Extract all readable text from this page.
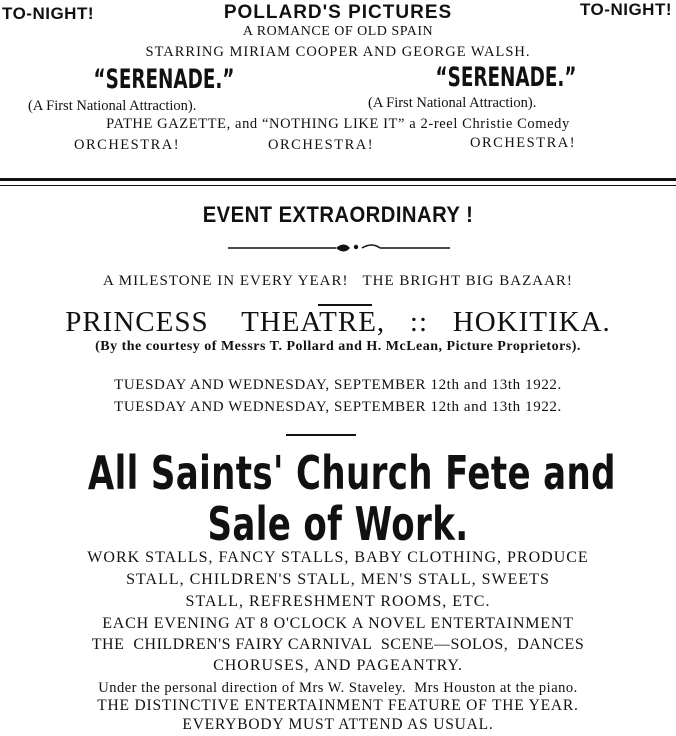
TO-NIGHT!	POLLARD'S PICTURES	TO-NIGHT!
A ROMANCE OF OLD SPAIN
STARRING MIRIAM COOPER AND GEORGE WALSH.
“SERENADE.”	“SERENADE.”
(A First National Attraction).	(A First National Attraction).
PATHE GAZETTE, and “NOTHING LIKE IT” a 2-reel Christie Comedy
ORCHESTRA!	ORCHESTRA!	ORCHESTRA!
EVENT EXTRAORDINARY !
A MILESTONE IN EVERY YEAR!   THE BRIGHT BIG BAZAAR!
PRINCESS    THEATRE,   ::   HOKITIKA.
(By the courtesy of Messrs T. Pollard and H. McLean, Picture Proprietors).
TUESDAY AND WEDNESDAY, SEPTEMBER 12th and 13th 1922.
TUESDAY AND WEDNESDAY, SEPTEMBER 12th and 13th 1922.
All Saints' Church Fete and
Sale of Work.
WORK STALLS, FANCY STALLS, BABY CLOTHING, PRODUCE
STALL, CHILDREN'S STALL, MEN'S STALL, SWEETS
STALL, REFRESHMENT ROOMS, ETC.
EACH EVENING AT 8 O'CLOCK A NOVEL ENTERTAINMENT
THE  CHILDREN'S FAIRY CARNIVAL  SCENE—SOLOS,  DANCES
CHORUSES, AND PAGEANTRY.
Under the personal direction of Mrs W. Staveley.  Mrs Houston at the piano.
THE DISTINCTIVE ENTERTAINMENT FEATURE OF THE YEAR.
EVERYBODY MUST ATTEND AS USUAL.
